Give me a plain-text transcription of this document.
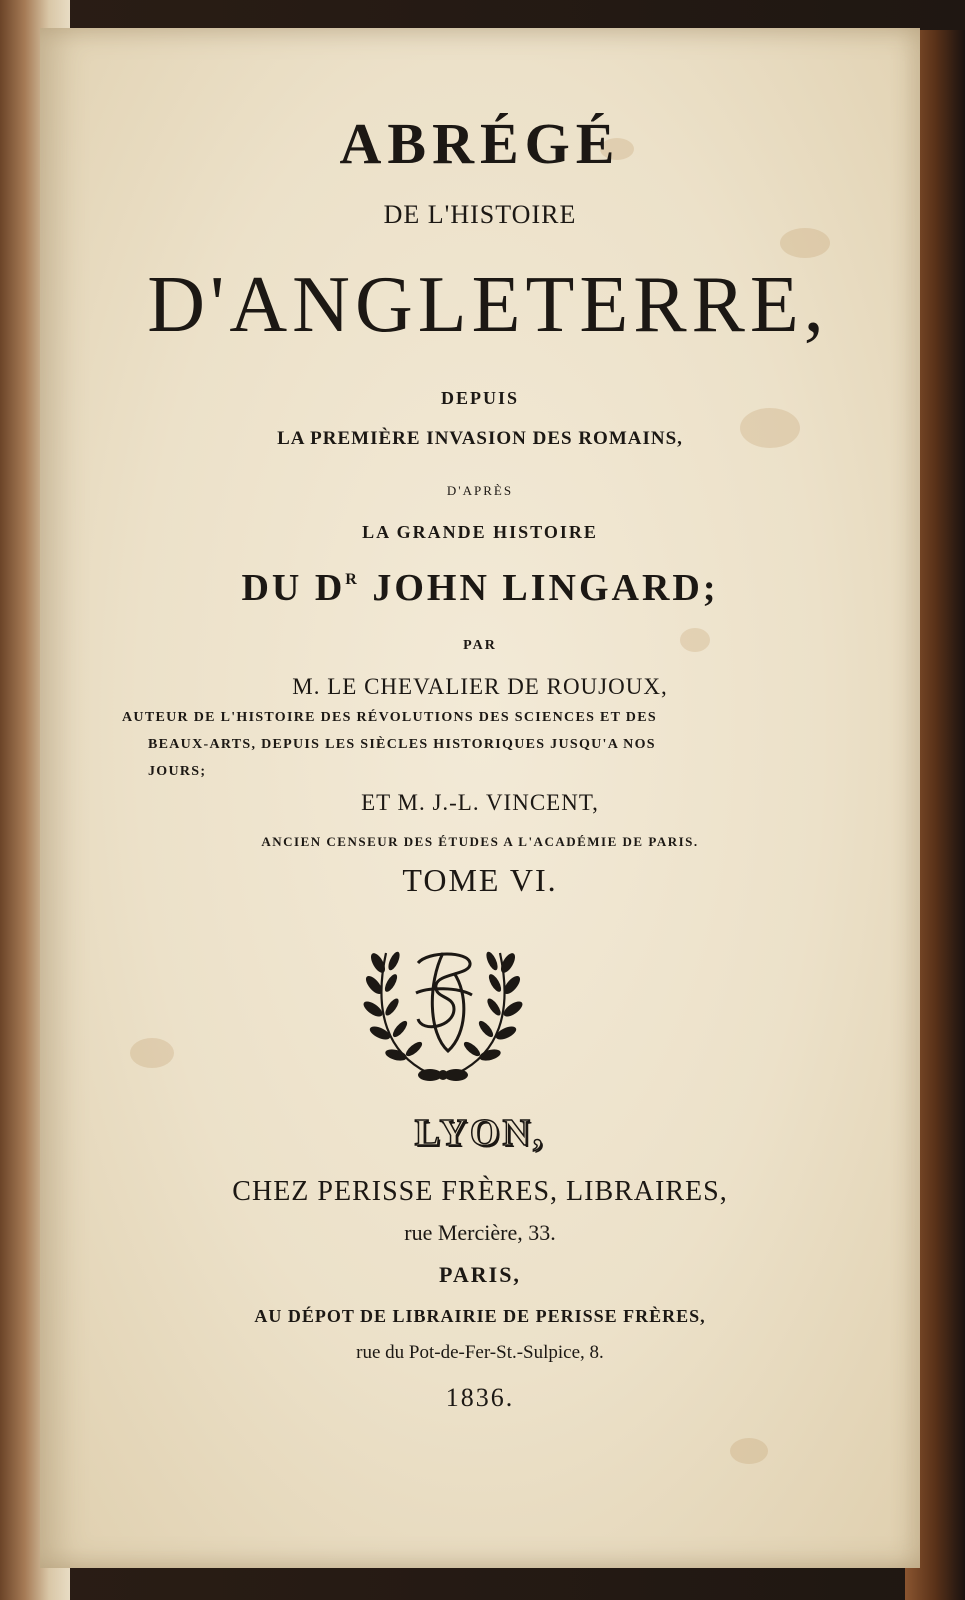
ABRÉGÉ
DE L'HISTOIRE
D'ANGLETERRE,
DEPUIS
LA PREMIÈRE INVASION DES ROMAINS,
D'APRÈS
LA GRANDE HISTOIRE
DU $D^R$ JOHN LINGARD;
PAR
M. LE CHEVALIER DE ROUJOUX,
AUTEUR DE L'HISTOIRE DES RÉVOLUTIONS DES SCIENCES ET DES

BEAUX-ARTS, DEPUIS LES SIÈCLES HISTORIQUES JUSQU'A NOS
JOURS;
ET M. J.-L. VINCENT,
ANCIEN CENSEUR DES ÉTUDES A L'ACADÉMIE DE PARIS.
TOME VI.
LYON,
CHEZ PERISSE FRÈRES, LIBRAIRES,
rue Mercière, 33.
PARIS,
AU DÉPOT DE LIBRAIRIE DE PERISSE FRÈRES,
rue du Pot-de-Fer-St.-Sulpice, 8.
1836.
